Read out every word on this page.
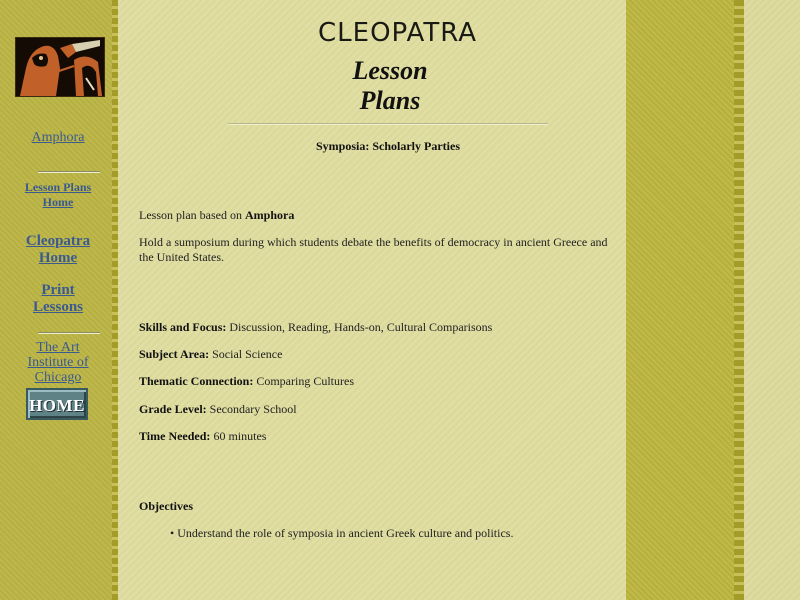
Amphora
Lesson Plans
Home
Cleopatra
Home
Print
Lessons
The Art
Institute of
Chicago
HOME
CLEOPATRA
Lesson
Plans
Symposia: Scholarly Parties
Lesson plan based on Amphora
Hold a sumposium during which students debate the benefits of democracy in ancient Greece and the United States.
Skills and Focus: Discussion, Reading, Hands-on, Cultural Comparisons
Subject Area: Social Science
Thematic Connection: Comparing Cultures
Grade Level: Secondary School
Time Needed: 60 minutes
Objectives
• Understand the role of symposia in ancient Greek culture and politics.
